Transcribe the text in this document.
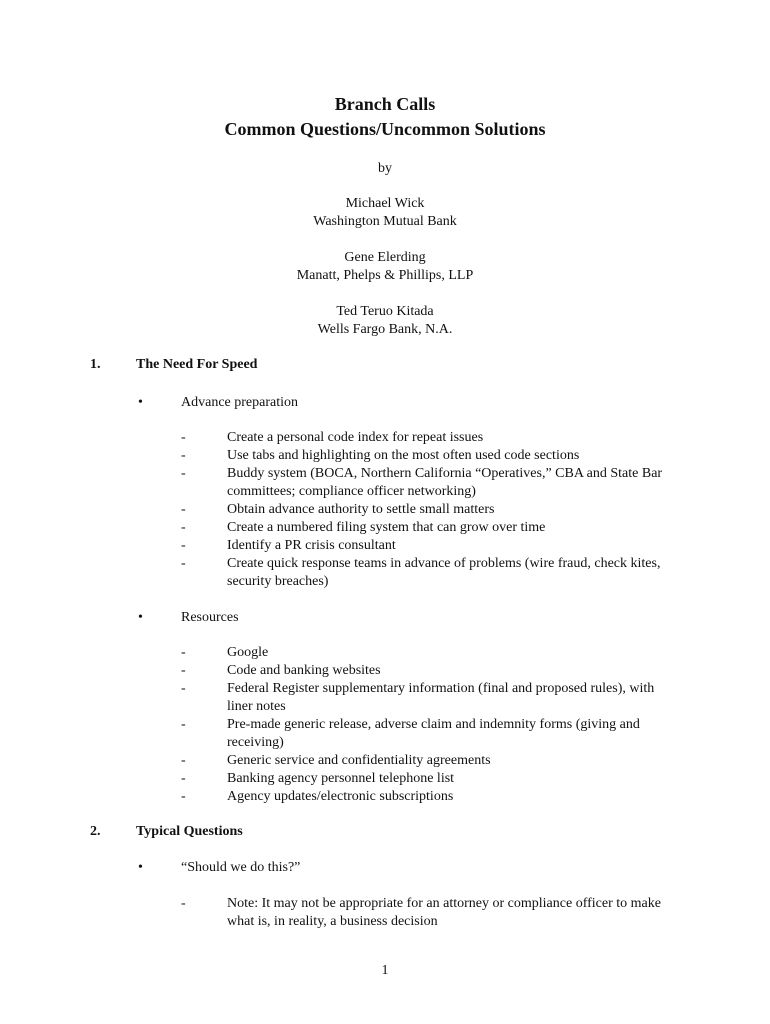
Branch Calls
Common Questions/Uncommon Solutions
by
Michael Wick
Washington Mutual Bank
Gene Elerding
Manatt, Phelps & Phillips, LLP
Ted Teruo Kitada
Wells Fargo Bank, N.A.
1.	The Need For Speed
•	Advance preparation
-	Create a personal code index for repeat issues
-	Use tabs and highlighting on the most often used code sections
-	Buddy system (BOCA, Northern California “Operatives,” CBA and State Bar committees; compliance officer networking)
-	Obtain advance authority to settle small matters
-	Create a numbered filing system that can grow over time
-	Identify a PR crisis consultant
-	Create quick response teams in advance of problems (wire fraud, check kites, security breaches)
•	Resources
-	Google
-	Code and banking websites
-	Federal Register supplementary information (final and proposed rules), with liner notes
-	Pre-made generic release, adverse claim and indemnity forms (giving and receiving)
-	Generic service and confidentiality agreements
-	Banking agency personnel telephone list
-	Agency updates/electronic subscriptions
2.	Typical Questions
•	“Should we do this?”
-	Note: It may not be appropriate for an attorney or compliance officer to make what is, in reality, a business decision
1
